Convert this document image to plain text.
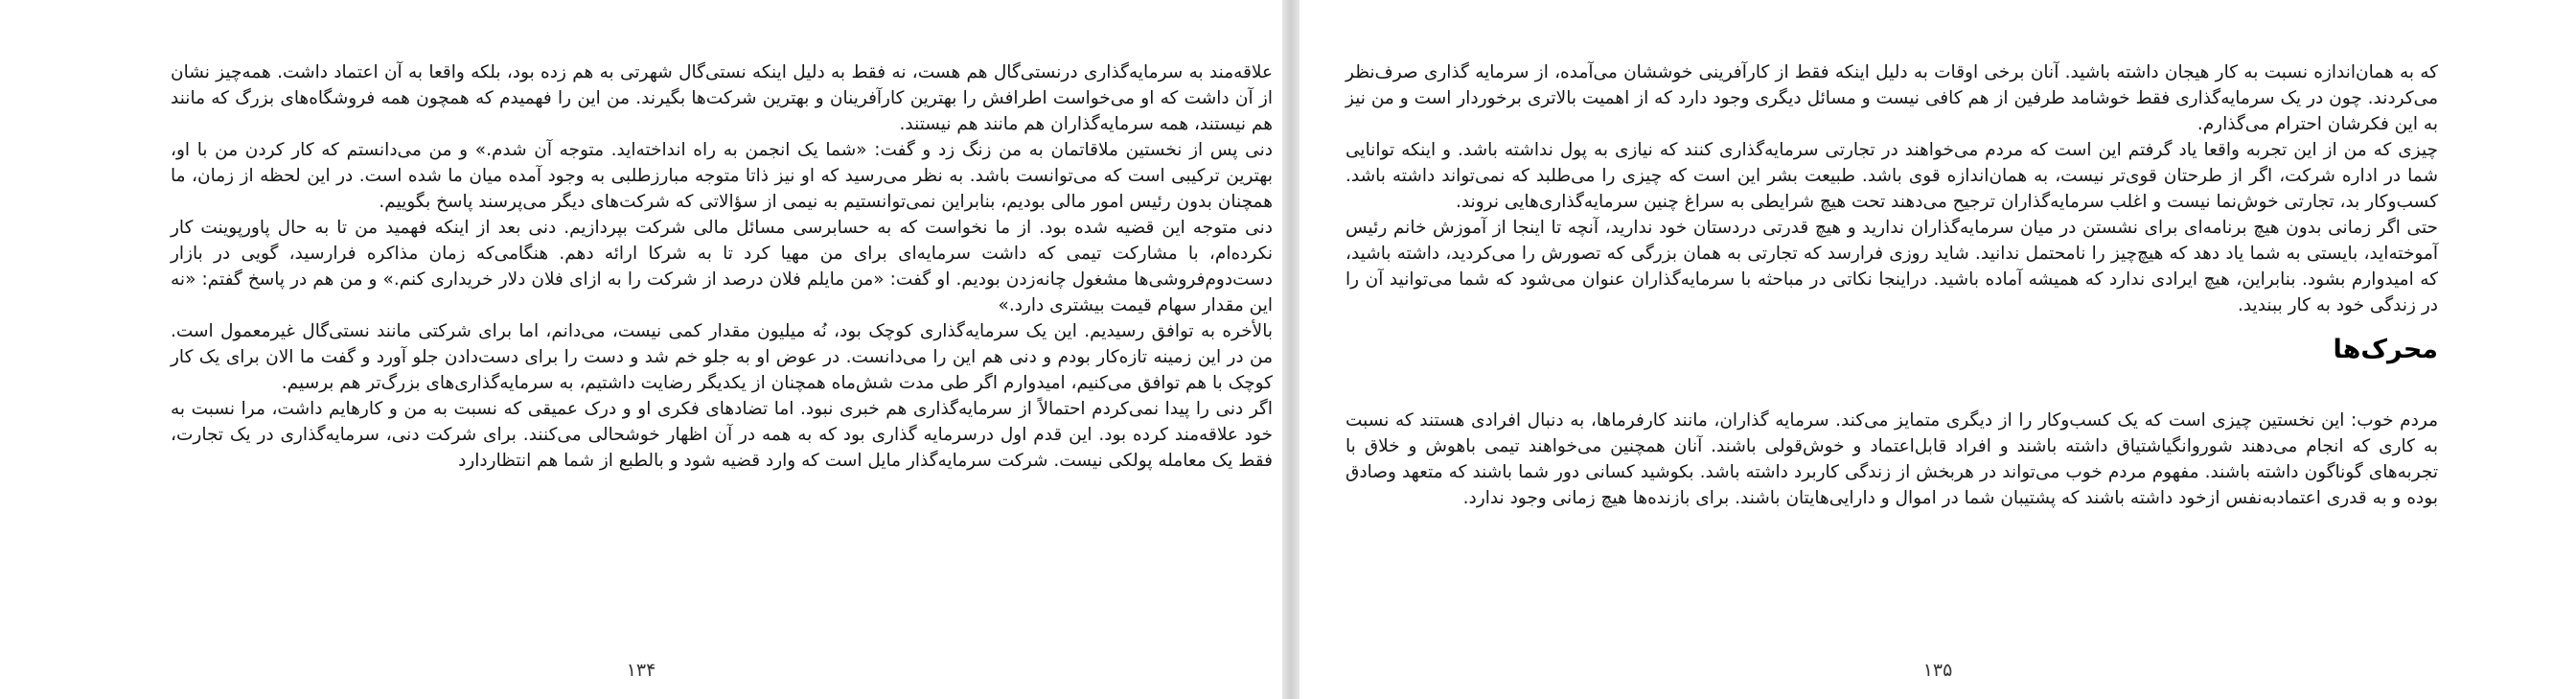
علاقه‌مند به سرمایه‌گذاری درنستی‌گال هم هست، نه فقط به دلیل اینکه نستی‌گال شهرتی به هم زده بود، بلکه واقعا به آن اعتماد داشت. همه‌چیز نشان از آن داشت که او می‌خواست اطرافش را بهترین کارآفرینان و بهترین شرکت‌ها بگیرند. من این را فهمیدم که همچون همه فروشگاه‌های بزرگ که مانند هم نیستند، همه سرمایه‌گذاران هم مانند هم نیستند.

دنی پس از نخستین ملاقاتمان به من زنگ زد و گفت: «شما یک انجمن به راه انداخته‌اید. متوجه آن شدم.» و من می‌دانستم که کار کردن من با او، بهترین ترکیبی است که می‌توانست باشد. به نظر می‌رسید که او نیز ذاتا متوجه مبارزطلبی به وجود آمده میان ما شده است. در این لحظه از زمان، ما همچنان بدون رئیس امور مالی بودیم، بنابراین نمی‌توانستیم به نیمی از سؤالاتی که شرکت‌های دیگر می‌پرسند پاسخ بگوییم.

دنی متوجه این قضیه شده بود. از ما نخواست که به حسابرسی مسائل مالی شرکت بپردازیم. دنی بعد از اینکه فهمید من تا به حال پاورپوینت کار نکرده‌ام، با مشارکت تیمی که داشت سرمایه‌ای برای من مهیا کرد تا به شرکا ارائه دهم. هنگامی‌که زمان مذاکره فرارسید، گویی در بازار دست‌دوم‌فروشی‌ها مشغول چانه‌زدن بودیم. او گفت: «من مایلم فلان درصد از شرکت را به ازای فلان دلار خریداری کنم.» و من هم در پاسخ گفتم: «نه این مقدار سهام قیمت بیشتری دارد.»

بالأخره به توافق رسیدیم. این یک سرمایه‌گذاری کوچک بود، نُه میلیون مقدار کمی نیست، می‌دانم، اما برای شرکتی مانند نستی‌گال غیرمعمول است. من در این زمینه تازه‌کار بودم و دنی هم این را می‌دانست. در عوض او به جلو خم شد و دست را برای دست‌دادن جلو آورد و گفت ما الان برای یک کار کوچک با هم توافق می‌کنیم، امیدوارم اگر طی مدت شش‌ماه همچنان از یکدیگر رضایت داشتیم، به سرمایه‌گذاری‌های بزرگ‌تر هم برسیم.

اگر دنی را پیدا نمی‌کردم احتمالاً از سرمایه‌گذاری هم خبری نبود. اما تضادهای فکری او و درک عمیقی که نسبت به من و کارهایم داشت، مرا نسبت به خود علاقه‌مند کرده بود. این قدم اول درسرمایه گذاری بود که به همه در آن اظهار خوشحالی می‌کنند. برای شرکت دنی، سرمایه‌گذاری در یک تجارت، فقط یک معامله پولکی نیست. شرکت سرمایه‌گذار مایل است که وارد قضیه شود و بالطبع از شما هم انتظاردارد

۱۳۴

که به همان‌اندازه نسبت به کار هیجان داشته باشید. آنان برخی اوقات به دلیل اینکه فقط از کارآفرینی خوششان می‌آمده، از سرمایه گذاری صرف‌نظر می‌کردند. چون در یک سرمایه‌گذاری فقط خوشامد طرفین از هم کافی نیست و مسائل دیگری وجود دارد که از اهمیت بالاتری برخوردار است و من نیز به این فکرشان احترام می‌گذارم.

چیزی که من از این تجربه واقعا یاد گرفتم این است که مردم می‌خواهند در تجارتی سرمایه‌گذاری کنند که نیازی به پول نداشته باشد. و اینکه توانایی شما در اداره شرکت، اگر از طرحتان قوی‌تر نیست، به همان‌اندازه قوی باشد. طبیعت بشر این است که چیزی را می‌طلبد که نمی‌تواند داشته باشد. کسب‌وکار بد، تجارتی خوش‌نما نیست و اغلب سرمایه‌گذاران ترجیح می‌دهند تحت هیچ شرایطی به سراغ چنین سرمایه‌گذاری‌هایی نروند.

حتی اگر زمانی بدون هیچ برنامه‌ای برای نشستن در میان سرمایه‌گذاران ندارید و هیچ قدرتی دردستان خود ندارید، آنچه تا اینجا از آموزش خانم رئیس آموخته‌اید، بایستی به شما یاد دهد که هیچ‌چیز را نامحتمل ندانید. شاید روزی فرارسد که تجارتی به همان بزرگی که تصورش را می‌کردید، داشته باشید، که امیدوارم بشود. بنابراین، هیچ ایرادی ندارد که همیشه آماده باشید. دراینجا نکاتی در مباحثه با سرمایه‌گذاران عنوان می‌شود که شما می‌توانید آن را در زندگی خود به کار ببندید.

محرک‌ها

مردم خوب: این نخستین چیزی است که یک کسب‌وکار را از دیگری متمایز می‌کند. سرمایه گذاران، مانند کارفرماها، به دنبال افرادی هستند که نسبت به کاری که انجام می‌دهند شوروانگیاشتیاق داشته باشند و افراد قابل‌اعتماد و خوش‌قولی باشند. آنان همچنین می‌خواهند تیمی باهوش و خلاق با تجربه‌های گوناگون داشته باشند. مفهوم مردم خوب می‌تواند در هربخش از زندگی کاربرد داشته باشد. بکوشید کسانی دور شما باشند که متعهد وصادق بوده و به قدری اعتمادبه‌نفس ازخود داشته باشند که پشتیبان شما در اموال و دارایی‌هایتان باشند. برای بازنده‌ها هیچ زمانی وجود ندارد.

۱۳۵
